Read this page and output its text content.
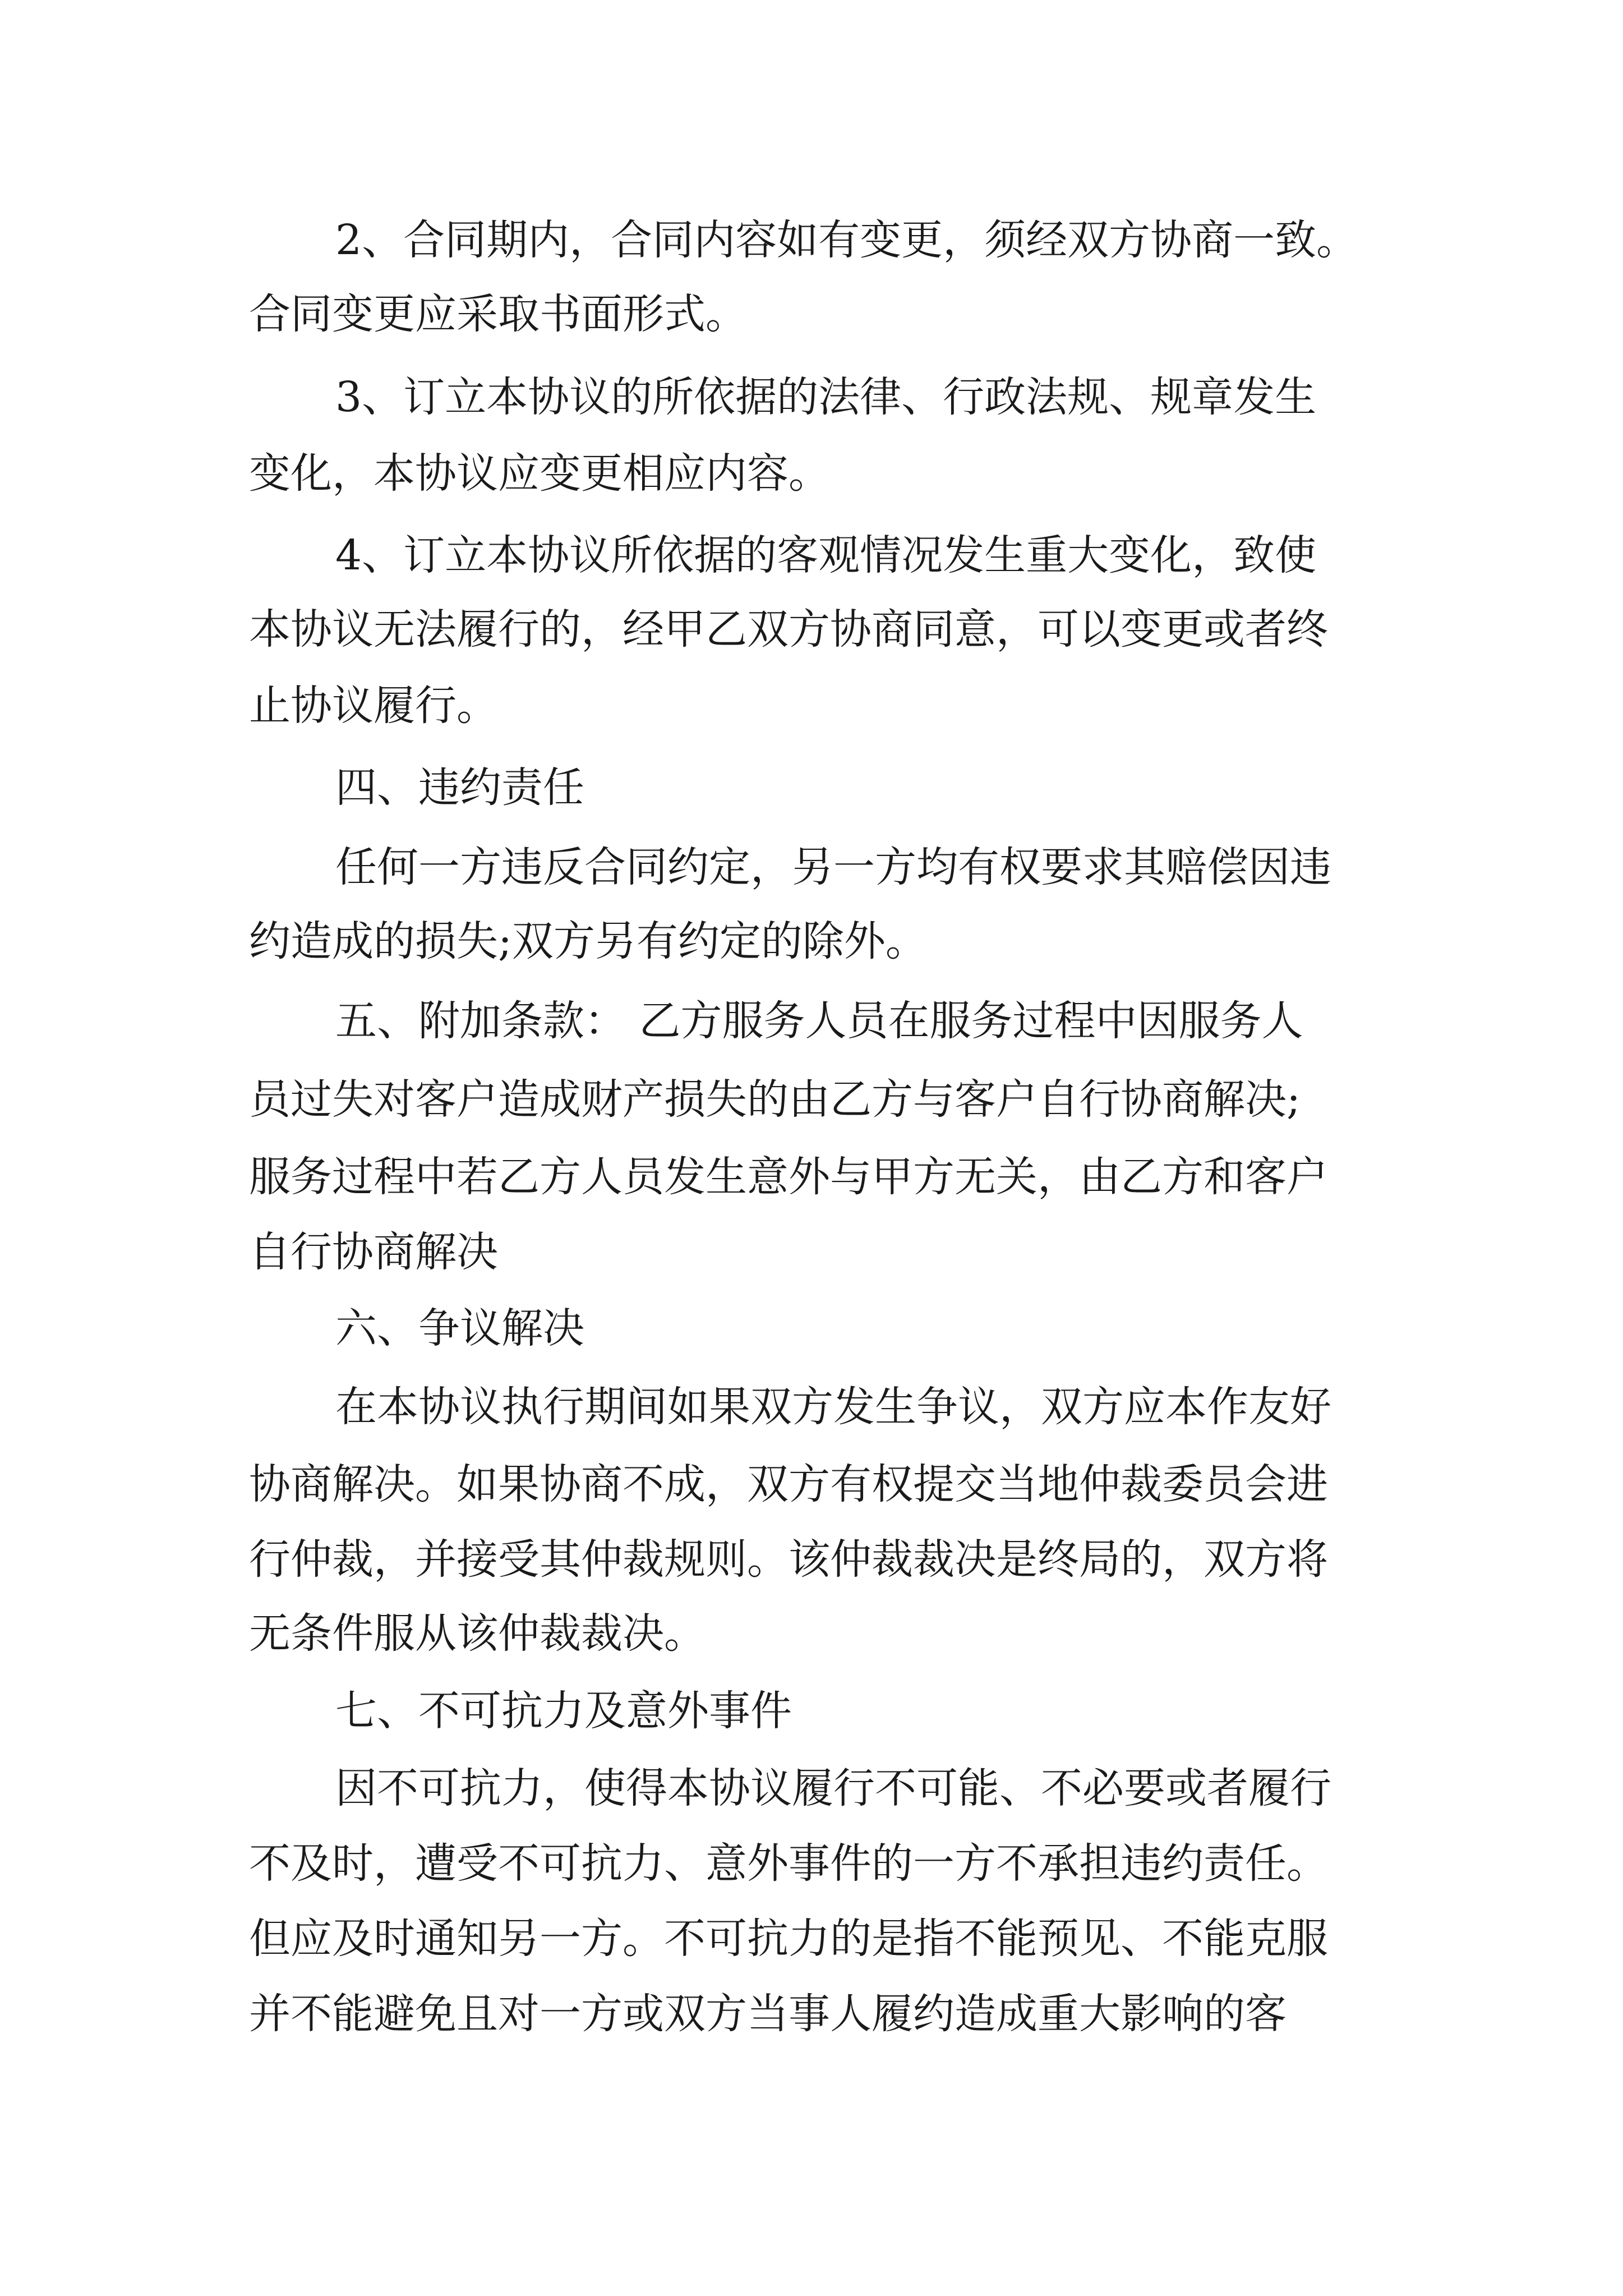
2、合同期内，合同内容如有变更，须经双方协商一致。
合同变更应采取书面形式。
3、订立本协议的所依据的法律、行政法规、规章发生
变化，本协议应变更相应内容。
4、订立本协议所依据的客观情况发生重大变化，致使
本协议无法履行的，经甲乙双方协商同意，可以变更或者终
止协议履行。
四、违约责任
任何一方违反合同约定，另一方均有权要求其赔偿因违
约造成的损失;双方另有约定的除外。
五、附加条款： 乙方服务人员在服务过程中因服务人
员过失对客户造成财产损失的由乙方与客户自行协商解决;
服务过程中若乙方人员发生意外与甲方无关，由乙方和客户
自行协商解决
六、争议解决
在本协议执行期间如果双方发生争议，双方应本作友好
协商解决。如果协商不成，双方有权提交当地仲裁委员会进
行仲裁，并接受其仲裁规则。该仲裁裁决是终局的，双方将
无条件服从该仲裁裁决。
七、不可抗力及意外事件
因不可抗力，使得本协议履行不可能、不必要或者履行
不及时，遭受不可抗力、意外事件的一方不承担违约责任。
但应及时通知另一方。不可抗力的是指不能预见、不能克服
并不能避免且对一方或双方当事人履约造成重大影响的客
